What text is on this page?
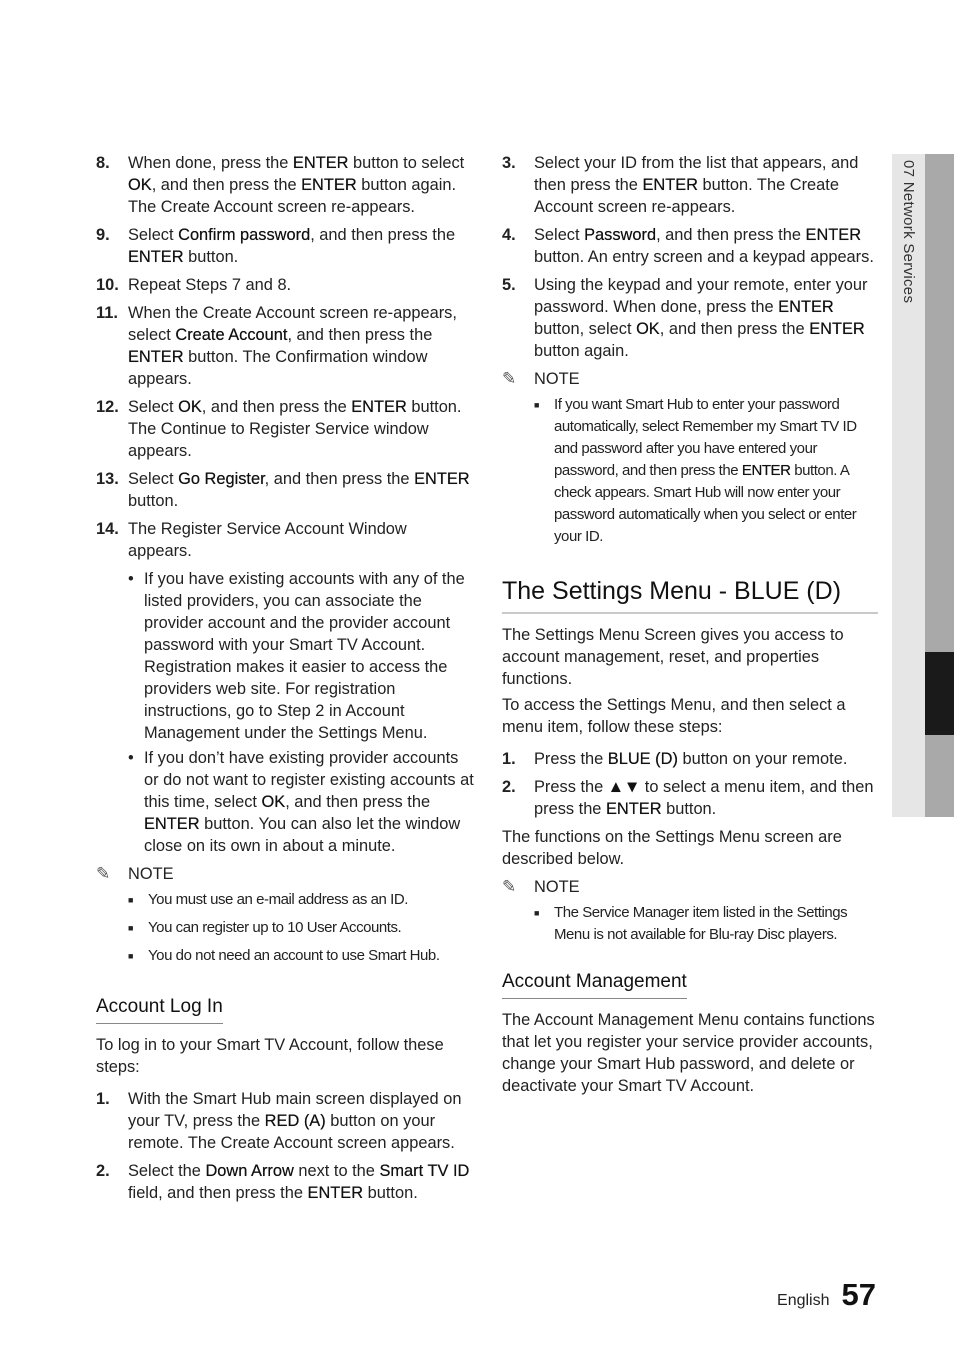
07 Network Services
8.	When done, press the ENTER button to select OK, and then press the ENTER button again. The Create Account screen re-appears.
9.	Select Confirm password, and then press the ENTER button.
10. Repeat Steps 7 and 8.
11. When the Create Account screen re-appears, select Create Account, and then press the ENTER button. The Confirmation window appears.
12. Select OK, and then press the ENTER button. The Continue to Register Service window appears.
13. Select Go Register, and then press the ENTER button.
14. The Register Service Account Window appears.
• If you have existing accounts with any of the listed providers, you can associate the provider account and the provider account password with your Smart TV Account. Registration makes it easier to access the providers web site. For registration instructions, go to Step 2 in Account Management under the Settings Menu.
• If you don’t have existing provider accounts or do not want to register existing accounts at this time, select OK, and then press the ENTER button. You can also let the window close on its own in about a minute.
✎	NOTE
■ You must use an e-mail address as an ID.
■ You can register up to 10 User Accounts.
■ You do not need an account to use Smart Hub.
Account Log In

To log in to your Smart TV Account, follow these steps:

1.	With the Smart Hub main screen displayed on your TV, press the RED (A) button on your remote. The Create Account screen appears.
2.	Select the Down Arrow next to the Smart TV ID field, and then press the ENTER button.
3.	Select your ID from the list that appears, and then press the ENTER button. The Create Account screen re-appears.
4.	Select Password, and then press the ENTER button. An entry screen and a keypad appears.
5.	Using the keypad and your remote, enter your password. When done, press the ENTER button, select OK, and then press the ENTER button again.
✎	NOTE
■ If you want Smart Hub to enter your password automatically, select Remember my Smart TV ID and password after you have entered your password, and then press the ENTER button. A check appears. Smart Hub will now enter your password automatically when you select or enter your ID.
The Settings Menu - BLUE (D)

The Settings Menu Screen gives you access to account management, reset, and properties functions.

To access the Settings Menu, and then select a menu item, follow these steps:

1.	Press the BLUE (D) button on your remote.
2.	Press the ▲▼ to select a menu item, and then press the ENTER button.

The functions on the Settings Menu screen are described below.

✎	NOTE
■ The Service Manager item listed in the Settings Menu is not available for Blu-ray Disc players.
Account Management

The Account Management Menu contains functions that let you register your service provider accounts, change your Smart Hub password, and delete or deactivate your Smart TV Account.

English 57
